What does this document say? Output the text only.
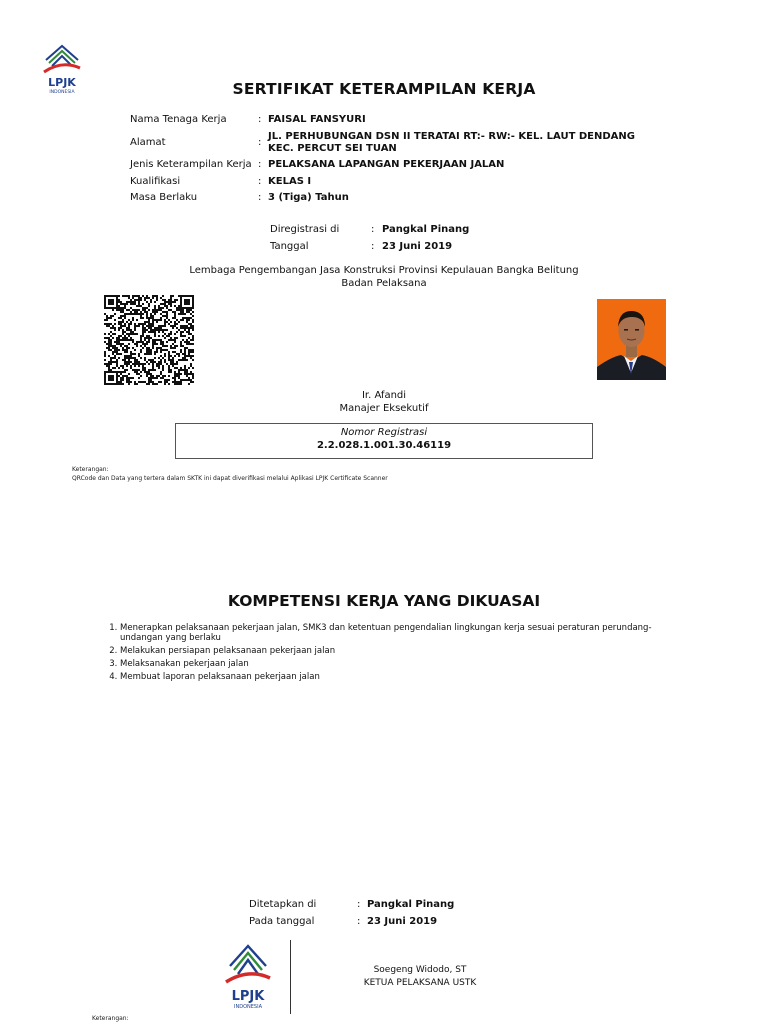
LPJK
INDONESIA	SERTIFIKAT KETERAMPILAN KERJA
Nama Tenaga Kerja	: FAISAL FANSYURI
Alamat	:
JL. PERHUBUNGAN DSN II TERATAI RT:- RW:- KEL. LAUT DENDANG KEC. PERCUT SEI TUAN
Jenis Keterampilan Kerja : PELAKSANA LAPANGAN PEKERJAAN JALAN
Kualifikasi	: KELAS I
Masa Berlaku	: 3 (Tiga) Tahun
Diregistrasi di	: Pangkal Pinang
Tanggal	: 23 Juni 2019
Lembaga Pengembangan Jasa Konstruksi Provinsi Kepulauan Bangka Belitung
Badan Pelaksana
Ir. Afandi
Manajer Eksekutif
Nomor Registrasi
2.2.028.1.001.30.46119
Keterangan:
QRCode dan Data yang tertera dalam SKTK ini dapat diverifikasi melalui Aplikasi LPJK Certificate Scanner
KOMPETENSI KERJA YANG DIKUASAI
1. Menerapkan pelaksanaan pekerjaan jalan, SMK3 dan ketentuan pengendalian lingkungan kerja sesuai peraturan perundang-undangan yang berlaku
2. Melakukan persiapan pelaksanaan pekerjaan jalan
3. Melaksanakan pekerjaan jalan
4. Membuat laporan pelaksanaan pekerjaan jalan
Ditetapkan di	: Pangkal Pinang
Pada tanggal	: 23 Juni 2019
LPJK
INDONESIA
Soegeng Widodo, ST
KETUA PELAKSANA USTK
Keterangan:
